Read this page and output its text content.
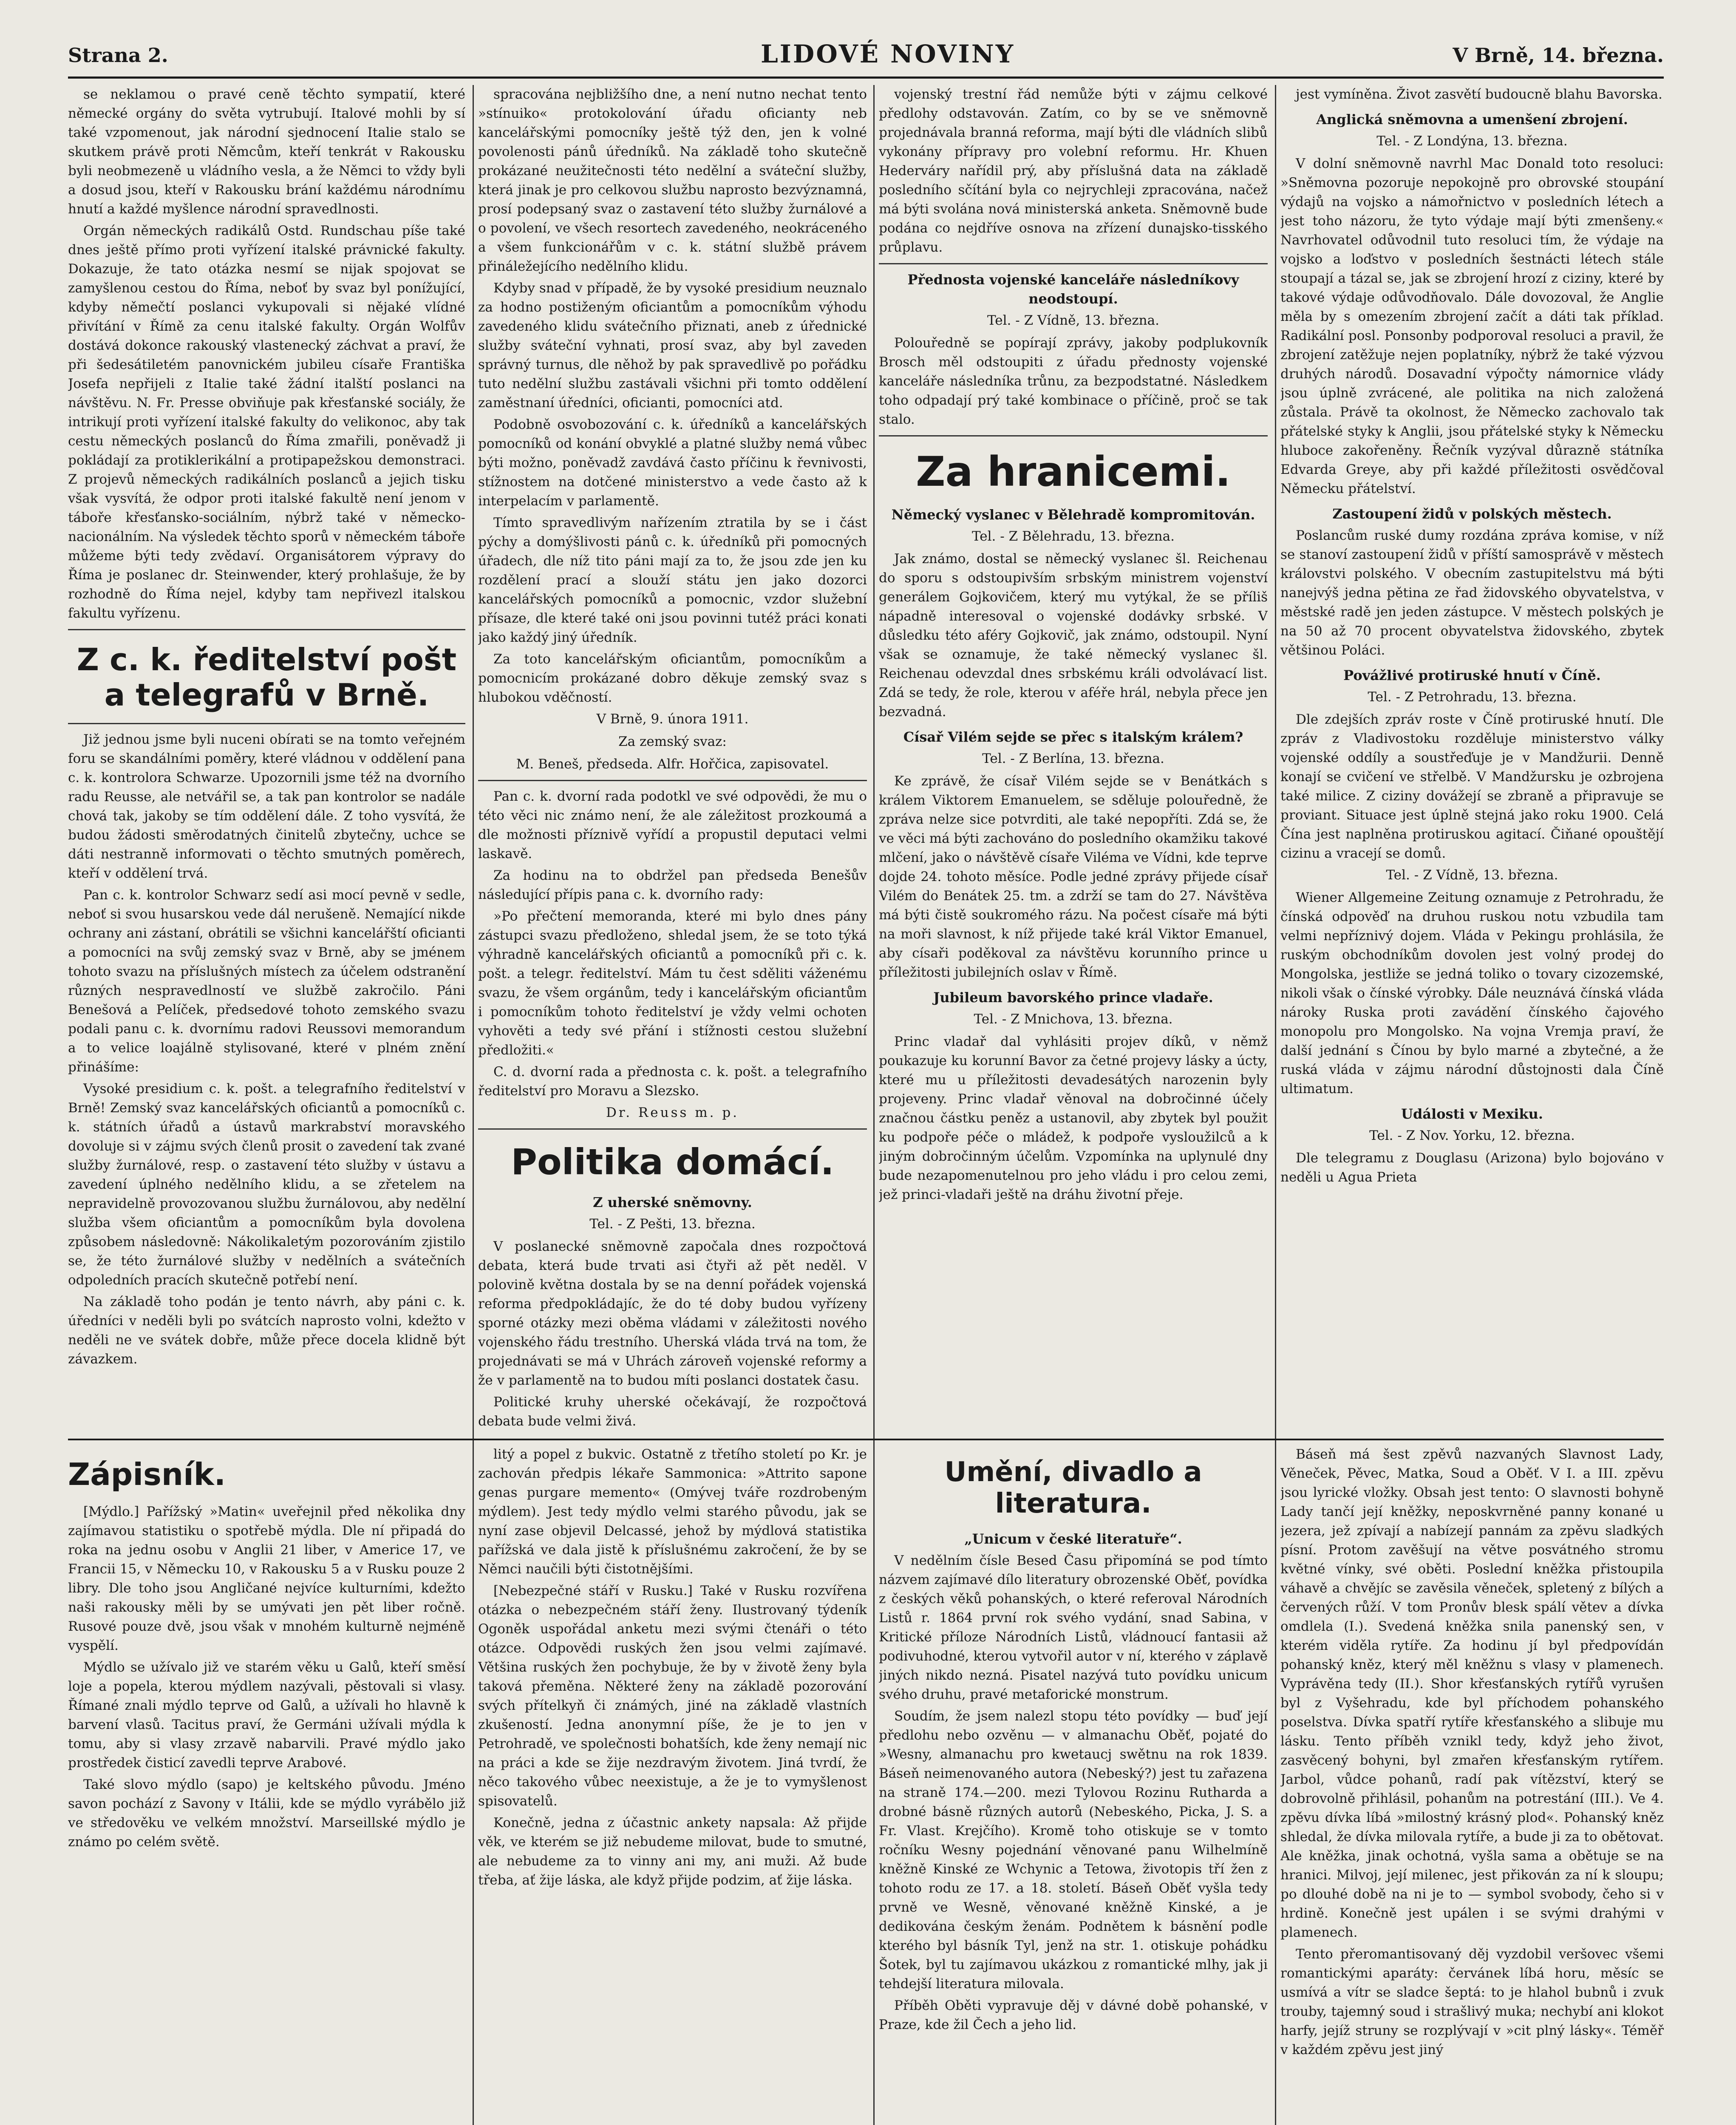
Strana 2.	LIDOVÉ NOVINY	V Brně, 14. března.

se neklamou o pravé ceně těchto sympatií, které německé orgány do světa vytrubují. Italové mohli by sí také vzpomenout, jak národní sjednocení Italie stalo se skutkem právě proti Němcům, kteří tenkrát v Rakousku byli neobmezeně u vládního vesla, a že Němci to vždy byli a dosud jsou, kteří v Rakousku brání každému národnímu hnutí a každé myšlence národní spravedlnosti.

Orgán německých radikálů Ostd. Rundschau píše také dnes ještě přímo proti vyřízení italské právnické fakulty. Dokazuje, že tato otázka nesmí se nijak spojovat se zamyšlenou cestou do Říma, neboť by svaz byl ponížující, kdyby němečtí poslanci vykupovali si nějaké vlídné přivítání v Římě za cenu italské fakulty. Orgán Wolfův dostává dokonce rakouský vlastenecký záchvat a praví, že při šedesátiletém panovnickém jubileu císaře Františka Josefa nepřijeli z Italie také žádní italští poslanci na návštěvu. N. Fr. Presse obviňuje pak křesťanské sociály, že intrikují proti vyřízení italské fakulty do velikonoc, aby tak cestu německých poslanců do Říma zmařili, poněvadž ji pokládají za protiklerikální a protipapežskou demonstraci. Z projevů německých radikálních poslanců a jejich tisku však vysvítá, že odpor proti italské fakultě není jenom v táboře křesťansko-sociálním, nýbrž také v německo-nacionálním. Na výsledek těchto sporů v německém táboře můžeme býti tedy zvědaví. Organisátorem výpravy do Říma je poslanec dr. Steinwender, který prohlašuje, že by rozhodně do Říma nejel, kdyby tam nepřivezl italskou fakultu vyřízenu.

Z c. k. ředitelství pošt a telegrafů v Brně.

Již jednou jsme byli nuceni obírati se na tomto veřejném foru se skandálními poměry, které vládnou v oddělení pana c. k. kontrolora Schwarze. Upozornili jsme též na dvorního radu Reusse, ale netvářil se, a tak pan kontrolor se nadále chová tak, jakoby se tím oddělení dále. Z toho vysvítá, že budou žádosti směrodatných činitelů zbytečny, uchce se dáti nestranně informovati o těchto smutných poměrech, kteří v oddělení trvá.

Pan c. k. kontrolor Schwarz sedí asi mocí pevně v sedle, neboť si svou husarskou vede dál nerušeně. Nemající nikde ochrany ani zástaní, obrátili se všichni kancelářští oficianti a pomocníci na svůj zemský svaz v Brně, aby se jménem tohoto svazu na příslušných místech za účelem odstranění různých nespravedlností ve službě zakročilo. Páni Benešová a Pelíček, předsedové tohoto zemského svazu podali panu c. k. dvornímu radovi Reussovi memorandum a to velice loajálně stylisované, které v plném znění přinášíme:

Vysoké presidium c. k. pošt. a telegrafního ředitelství v Brně! Zemský svaz kancelářských oficiantů a pomocníků c. k. státních úřadů a ústavů markrabství moravského dovoluje si v zájmu svých členů prosit o zavedení tak zvané služby žurnálové, resp. o zastavení této služby v ústavu a zavedení úplného nedělního klidu, a se zřetelem na nepravidelně provozovanou službu žurnálovou, aby nedělní služba všem oficiantům a pomocníkům byla dovolena způsobem následovně: Nákolikaletým pozorováním zjistilo se, že této žurnálové služby v nedělních a svátečních odpoledních pracích skutečně potřebí není.

Na základě toho podán je tento návrh, aby páni c. k. úředníci v neděli byli po svátcích naprosto volni, kdežto v neděli ne ve svátek dobře, může přece docela klidně být závazkem.

spracována nejbližšího dne, a není nutno nechat tento »stínuiko« protokolování úřadu oficianty neb kancelářskými pomocníky ještě týž den, jen k volné povolenosti pánů úředníků. Na základě toho skutečně prokázané neužitečnosti této nedělní a sváteční služby, která jinak je pro celkovou službu naprosto bezvýznamná, prosí podepsaný svaz o zastavení této služby žurnálové a o povolení, ve všech resortech zavedeného, neokráceného a všem funkcionářům v c. k. státní službě právem přináležejícího nedělního klidu.

Kdyby snad v případě, že by vysoké presidium neuznalo za hodno postiženým oficiantům a pomocníkům výhodu zavedeného klidu svátečního přiznati, aneb z úřednické služby sváteční vyhnati, prosí svaz, aby byl zaveden správný turnus, dle něhož by pak spravedlivě po pořádku tuto nedělní službu zastávali všichni při tomto oddělení zaměstnaní úředníci, oficianti, pomocníci atd.

Podobně osvobozování c. k. úředníků a kancelářských pomocníků od konání obvyklé a platné služby nemá vůbec býti možno, poněvadž zavdává často příčinu k řevnivosti, stížnostem na dotčené ministerstvo a vede často až k interpelacím v parlamentě.

Tímto spravedlivým nařízením ztratila by se i část pýchy a domýšlivosti pánů c. k. úředníků při pomocných úřadech, dle níž tito páni mají za to, že jsou zde jen ku rozdělení prací a slouží státu jen jako dozorci kancelářských pomocníků a pomocnic, vzdor služební přísaze, dle které také oni jsou povinni tutéž práci konati jako každý jiný úředník.

Za toto kancelářským oficiantům, pomocníkům a pomocnicím prokázané dobro děkuje zemský svaz s hlubokou vděčností.

V Brně, 9. února 1911.
Za zemský svaz:
M. Beneš, předseda. Alfr. Hořčica, zapisovatel.

Pan c. k. dvorní rada podotkl ve své odpovědi, že mu o této věci nic známo není, že ale záležitost prozkoumá a dle možnosti příznivě vyřídí a propustil deputaci velmi laskavě.

Za hodinu na to obdržel pan předseda Benešův následující přípis pana c. k. dvorního rady:

»Po přečtení memoranda, které mi bylo dnes pány zástupci svazu předloženo, shledal jsem, že se toto týká výhradně kancelářských oficiantů a pomocníků při c. k. pošt. a telegr. ředitelství. Mám tu čest sděliti váženému svazu, že všem orgánům, tedy i kancelářským oficiantům i pomocníkům tohoto ředitelství je vždy velmi ochoten vyhověti a tedy své přání i stížnosti cestou služební předložiti.«

C. d. dvorní rada a přednosta c. k. pošt. a telegrafního ředitelství pro Moravu a Slezsko.

Dr. Reuss m. p.
Politika domácí.
Z uherské sněmovny.
Tel. - Z Pešti, 13. března.

V poslanecké sněmovně započala dnes rozpočtová debata, která bude trvati asi čtyři až pět neděl. V polovině května dostala by se na denní pořádek vojenská reforma předpokládajíc, že do té doby budou vyřízeny sporné otázky mezi oběma vládami v záležitosti nového vojenského řádu trestního. Uherská vláda trvá na tom, že projednávati se má v Uhrách zároveň vojenské reformy a že v parlamentě na to budou míti poslanci dostatek času.

Politické kruhy uherské očekávají, že rozpočtová debata bude velmi živá.

vojenský trestní řád nemůže býti v zájmu celkové předlohy odstavován. Zatím, co by se ve sněmovně projednávala branná reforma, mají býti dle vládních slibů vykonány přípravy pro volební reformu. Hr. Khuen Hederváry nařídil prý, aby příslušná data na základě posledního sčítání byla co nejrychleji zpracována, načež má býti svolána nová ministerská anketa. Sněmovně bude podána co nejdříve osnova na zřízení dunajsko-tisského průplavu.

Přednosta vojenské kanceláře následníkovy neodstoupí.
Tel. - Z Vídně, 13. března.

Polouředně se popírají zprávy, jakoby podplukovník Brosch měl odstoupiti z úřadu přednosty vojenské kanceláře následníka trůnu, za bezpodstatné. Následkem toho odpadají prý také kombinace o příčině, proč se tak stalo.

Za hranicemi.
Německý vyslanec v Bělehradě kompromitován.
Tel. - Z Bělehradu, 13. března.

Jak známo, dostal se německý vyslanec šl. Reichenau do sporu s odstoupivším srbským ministrem vojenství generálem Gojkovičem, který mu vytýkal, že se příliš nápadně interesoval o vojenské dodávky srbské. V důsledku této aféry Gojkovič, jak známo, odstoupil. Nyní však se oznamuje, že také německý vyslanec šl. Reichenau odevzdal dnes srbskému králi odvolávací list. Zdá se tedy, že role, kterou v aféře hrál, nebyla přece jen bezvadná.

Císař Vilém sejde se přec s italským králem?
Tel. - Z Berlína, 13. března.

Ke zprávě, že císař Vilém sejde se v Benátkách s králem Viktorem Emanuelem, se sděluje polouředně, že zpráva nelze sice potvrditi, ale také nepopříti. Zdá se, že ve věci má býti zachováno do posledního okamžiku takové mlčení, jako o návštěvě císaře Viléma ve Vídni, kde teprve dojde 24. tohoto měsíce. Podle jedné zprávy přijede císař Vilém do Benátek 25. tm. a zdrží se tam do 27. Návštěva má býti čistě soukromého rázu. Na počest císaře má býti na moři slavnost, k níž přijede také král Viktor Emanuel, aby císaři poděkoval za návštěvu korunního prince u příležitosti jubilejních oslav v Římě.

Jubileum bavorského prince vladaře.
Tel. - Z Mnichova, 13. března.

Princ vladař dal vyhlásiti projev díků, v němž poukazuje ku korunní Bavor za četné projevy lásky a úcty, které mu u příležitosti devadesátých narozenin byly projeveny. Princ vladař věnoval na dobročinné účely značnou částku peněz a ustanovil, aby zbytek byl použit ku podpoře péče o mládež, k podpoře vysloužilců a k jiným dobročinným účelům. Vzpomínka na uplynulé dny bude nezapomenutelnou pro jeho vládu i pro celou zemi, jež princi-vladaři ještě na dráhu životní přeje.

jest vymíněna. Život zasvětí budoucně blahu Bavorska.

Anglická sněmovna a umenšení zbrojení.
Tel. - Z Londýna, 13. března.

V dolní sněmovně navrhl Mac Donald toto resoluci: »Sněmovna pozoruje nepokojně pro obrovské stoupání výdajů na vojsko a námořnictvo v posledních létech a jest toho názoru, že tyto výdaje mají býti zmenšeny.« Navrhovatel odůvodnil tuto resoluci tím, že výdaje na vojsko a loďstvo v posledních šestnácti létech stále stoupají a tázal se, jak se zbrojení hrozí z ciziny, které by takové výdaje odůvodňovalo. Dále dovozoval, že Anglie měla by s omezením zbrojení začít a dáti tak příklad. Radikální posl. Ponsonby podporoval resoluci a pravil, že zbrojení zatěžuje nejen poplatníky, nýbrž že také výzvou druhých národů. Dosavadní výpočty námornice vlády jsou úplně zvrácené, ale politika na nich založená zůstala. Právě ta okolnost, že Německo zachovalo tak přátelské styky k Anglii, jsou přátelské styky k Německu hluboce zakořeněny. Řečník vyzýval důrazně státníka Edvarda Greye, aby při každé příležitosti osvědčoval Německu přátelství.

Zastoupení židů v polských městech.

Poslancům ruské dumy rozdána zpráva komise, v níž se stanoví zastoupení židů v příští samosprávě v městech královstvi polského. V obecním zastupitelstvu má býti nanejvýš jedna pětina ze řad židovského obyvatelstva, v městské radě jen jeden zástupce. V městech polských je na 50 až 70 procent obyvatelstva židovského, zbytek většinou Poláci.

Povážlivé protiruské hnutí v Číně.
Tel. - Z Petrohradu, 13. března.

Dle zdejších zpráv roste v Číně protiruské hnutí. Dle zpráv z Vladivostoku rozděluje ministerstvo války vojenské oddíly a soustřeďuje je v Mandžurii. Denně konají se cvičení ve střelbě. V Mandžursku je ozbrojena také milice. Z ciziny dovážejí se zbraně a připravuje se proviant. Situace jest úplně stejná jako roku 1900. Celá Čína jest naplněna protiruskou agitací. Čiňané opouštějí cizinu a vracejí se domů.

Tel. - Z Vídně, 13. března.

Wiener Allgemeine Zeitung oznamuje z Petrohradu, že čínská odpověď na druhou ruskou notu vzbudila tam velmi nepříznivý dojem. Vláda v Pekingu prohlásila, že ruským obchodníkům dovolen jest volný prodej do Mongolska, jestliže se jedná toliko o tovary cizozemské, nikoli však o čínské výrobky. Dále neuznává čínská vláda nároky Ruska proti zavádění čínského čajového monopolu pro Mongolsko. Na vojna Vremja praví, že další jednání s Čínou by bylo marné a zbytečné, a že ruská vláda v zájmu národní důstojnosti dala Číně ultimatum.

Události v Mexiku.
Tel. - Z Nov. Yorku, 12. března.

Dle telegramu z Douglasu (Arizona) bylo bojováno v neděli u Agua Prieta

Zápisník.

[Mýdlo.] Pařížský »Matin« uveřejnil před několika dny zajímavou statistiku o spotřebě mýdla. Dle ní připadá do roka na jednu osobu v Anglii 21 liber, v Americe 17, ve Francii 15, v Německu 10, v Rakousku 5 a v Rusku pouze 2 libry. Dle toho jsou Angličané nejvíce kulturními, kdežto naši rakousky měli by se umývati jen pět liber ročně. Rusové pouze dvě, jsou však v mnohém kulturně nejméně vyspělí.

Mýdlo se užívalo již ve starém věku u Galů, kteří směsí loje a popela, kterou mýdlem nazývali, pěstovali si vlasy. Římané znali mýdlo teprve od Galů, a užívali ho hlavně k barvení vlasů. Tacitus praví, že Germáni užívali mýdla k tomu, aby si vlasy zrzavě nabarvili. Pravé mýdlo jako prostředek čisticí zavedli teprve Arabové.

Také slovo mýdlo (sapo) je keltského původu. Jméno savon pochází z Savony v Itálii, kde se mýdlo vyrábělo již ve středověku ve velkém množství. Marseillské mýdlo je známo po celém světě.

litý a popel z bukvic. Ostatně z třetího století po Kr. je zachován předpis lékaře Sammonica: »Attrito sapone genas purgare memento« (Omývej tváře rozdrobeným mýdlem). Jest tedy mýdlo velmi starého původu, jak se nyní zase objevil Delcassé, jehož by mýdlová statistika pařížská ve dala jistě k příslušnému zakročení, že by se Němci naučili býti čistotnějšími.

[Nebezpečné stáří v Rusku.] Také v Rusku rozvířena otázka o nebezpečném stáří ženy. Ilustrovaný týdeník Ogoněk uspořádal anketu mezi svými čtenáři o této otázce. Odpovědi ruských žen jsou velmi zajímavé. Většina ruských žen pochybuje, že by v životě ženy byla taková přeměna. Některé ženy na základě pozorování svých přítelkyň či známých, jiné na základě vlastních zkušeností. Jedna anonymní píše, že je to jen v Petrohradě, ve společnosti bohatších, kde ženy nemají nic na práci a kde se žije nezdravým životem. Jiná tvrdí, že něco takového vůbec neexistuje, a že je to vymyšlenost spisovatelů.

Konečně, jedna z účastnic ankety napsala: Až přijde věk, ve kterém se již nebudeme milovat, bude to smutné, ale nebudeme za to vinny ani my, ani muži. Až bude třeba, ať žije láska, ale když přijde podzim, ať žije láska.

Umění, divadlo a literatura.
„Unicum v české literatuře“.

V nedělním čísle Besed Času připomíná se pod tímto názvem zajímavé dílo literatury obrozenské Oběť, povídka z českých věků pohanských, o které referoval Národních Listů r. 1864 první rok svého vydání, snad Sabina, v Kritické příloze Národních Listů, vládnoucí fantasii až podivuhodné, kterou vytvořil autor v ní, kterého v záplavě jiných nikdo nezná. Pisatel nazývá tuto povídku unicum svého druhu, pravé metaforické monstrum.

Soudím, že jsem nalezl stopu této povídky — buď její předlohu nebo ozvěnu — v almanachu Oběť, pojaté do »Wesny, almanachu pro kwetaucj swětnu na rok 1839. Báseň neimenovaného autora (Nebeský?) jest tu zařazena na straně 174.—200. mezi Tylovou Rozinu Rutharda a drobné básně různých autorů (Nebeského, Picka, J. S. a Fr. Vlast. Krejčího). Kromě toho otiskuje se v tomto ročníku Wesny pojednání věnované panu Wilhelmíně kněžně Kinské ze Wchynic a Tetowa, životopis tří žen z tohoto rodu ze 17. a 18. století. Báseň Oběť vyšla tedy prvně ve Wesně, věnované kněžně Kinské, a je dedikována českým ženám. Podnětem k básnění podle kterého byl básník Tyl, jenž na str. 1. otiskuje pohádku Šotek, byl tu zajímavou ukázkou z romantické mlhy, jak ji tehdejší literatura milovala.

Příběh Oběti vypravuje děj v dávné době pohanské, v Praze, kde žil Čech a jeho lid.

Báseň má šest zpěvů nazvaných Slavnost Lady, Věneček, Pěvec, Matka, Soud a Oběť. V I. a III. zpěvu jsou lyrické vložky. Obsah jest tento: O slavnosti bohyně Lady tančí její kněžky, neposkvrněné panny konané u jezera, jež zpívají a nabízejí pannám za zpěvu sladkých písní. Protom zavěšují na větve posvátného stromu květné vínky, své oběti. Poslední kněžka přistoupila váhavě a chvějíc se zavěsila věneček, spletený z bílých a červených růží. V tom Pronův blesk spálí větev a dívka omdlela (I.). Svedená kněžka snila panenský sen, v kterém viděla rytíře. Za hodinu jí byl předpovídán pohanský kněz, který měl kněžnu s vlasy v plamenech. Vyprávěna tedy (II.). Shor křesťanských rytířů vyrušen byl z Vyšehradu, kde byl příchodem pohanského poselstva. Dívka spatří rytíře křesťanského a slibuje mu lásku. Tento příběh vznikl tedy, když jeho život, zasvěcený bohyni, byl zmařen křesťanským rytířem. Jarbol, vůdce pohanů, radí pak vítězství, který se dobrovolně přihlásil, pohanům na potrestání (III.). Ve 4. zpěvu dívka líbá »milostný krásný plod«. Pohanský kněz shledal, že dívka milovala rytíře, a bude ji za to obětovat. Ale kněžka, jinak ochotná, vyšla sama a obětuje se na hranici. Milvoj, její milenec, jest přikován za ní k sloupu; po dlouhé době na ni je to — symbol svobody, čeho si v hrdině. Konečně jest upálen i se svými drahými v plamenech.

Tento přeromantisovaný děj vyzdobil veršovec všemi romantickými aparáty: červánek líbá horu, měsíc se usmívá a vítr se sladce šeptá: to je hlahol bubnů i zvuk trouby, tajemný soud i strašlivý muka; nechybí ani klokot harfy, jejíž struny se rozplývají v »cit plný lásky«. Téměř v každém zpěvu jest jiný
